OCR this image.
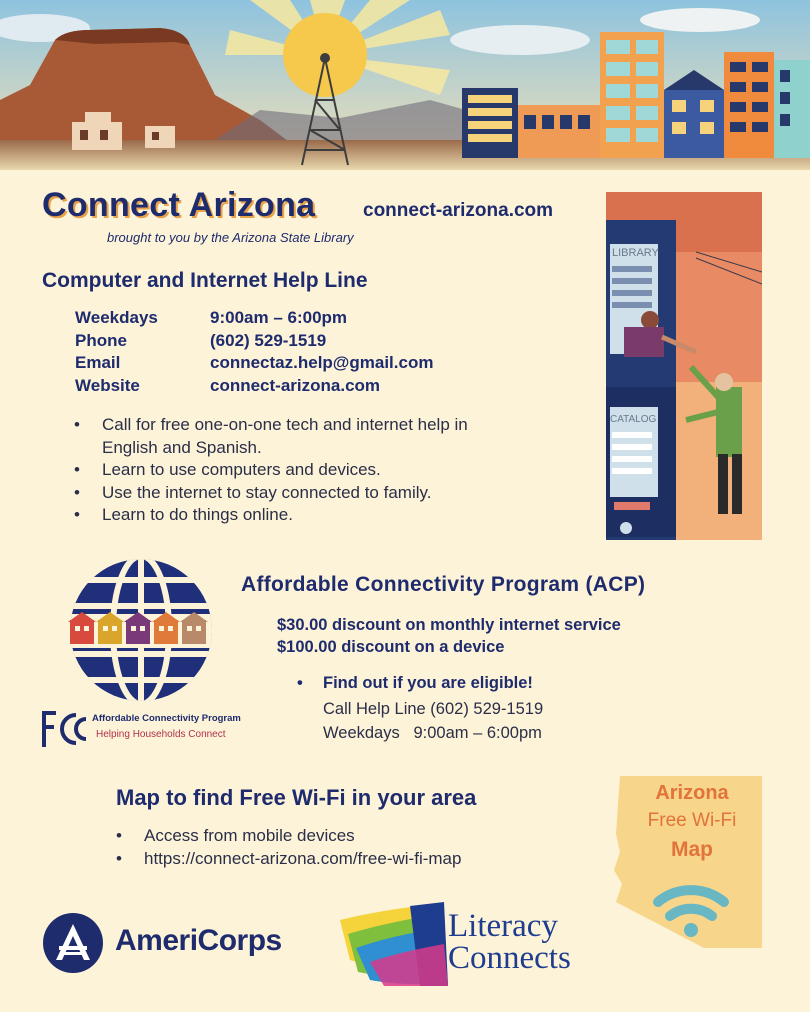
Connect Arizona	connect-arizona.com
brought to you by the Arizona State Library
LIBRARY
CATALOG
Computer and Internet Help Line
Weekdays	9:00am – 6:00pm
Phone	(602) 529-1519
Email	connectaz.help@gmail.com
Website	connect-arizona.com
• Call for free one-on-one tech and internet help in English and Spanish.
• Learn to use computers and devices.
• Use the internet to stay connected to family.
• Learn to do things online.
Affordable Connectivity Program
Helping Households Connect
Affordable Connectivity Program (ACP)
$30.00 discount on monthly internet service
$100.00 discount on a device
• Find out if you are eligible!
Call Help Line (602) 529-1519
Weekdays   9:00am – 6:00pm
Map to find Free Wi-Fi in your area
• Access from mobile devices
• https://connect-arizona.com/free-wi-fi-map
Arizona
Free Wi-Fi
Map
AmeriCorps	Literacy
Connects
